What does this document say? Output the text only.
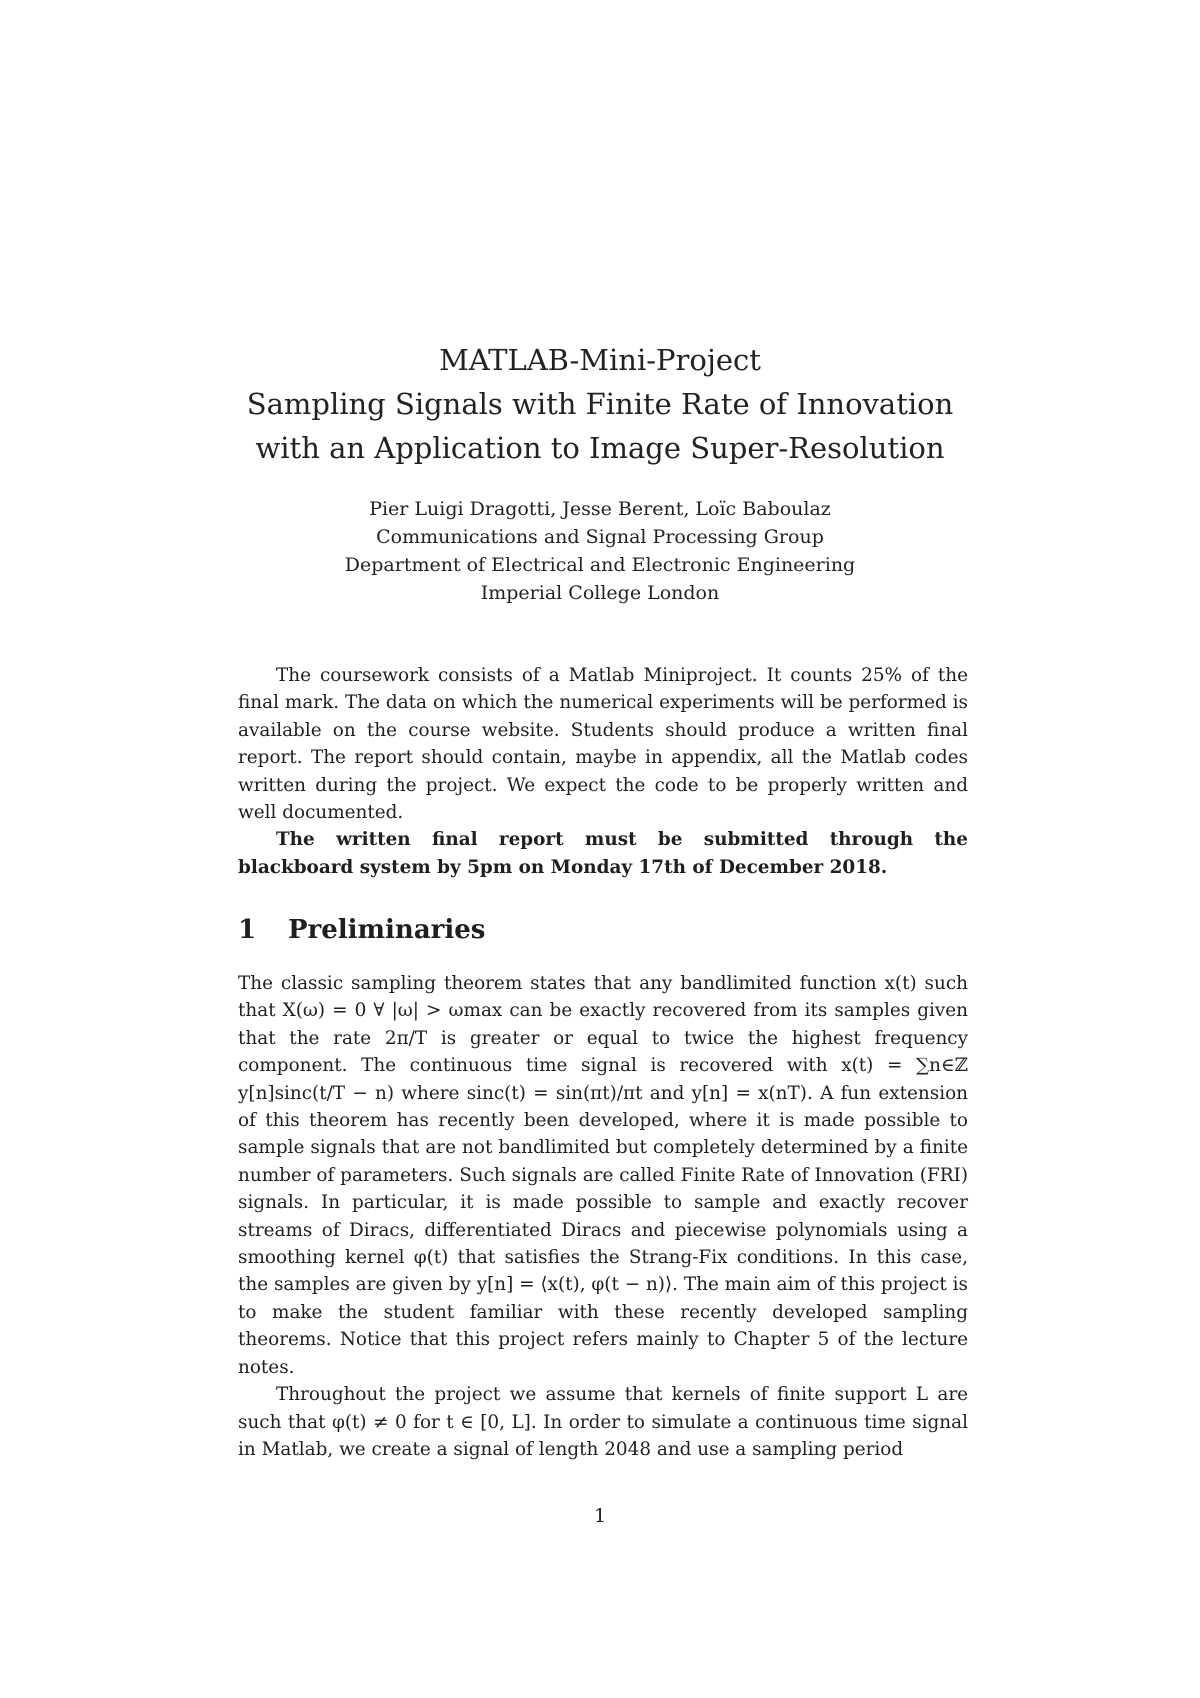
MATLAB-Mini-Project
Sampling Signals with Finite Rate of Innovation
with an Application to Image Super-Resolution
Pier Luigi Dragotti, Jesse Berent, Loïc Baboulaz
Communications and Signal Processing Group
Department of Electrical and Electronic Engineering
Imperial College London

The coursework consists of a Matlab Miniproject. It counts 25% of the final mark. The data on which the numerical experiments will be performed is available on the course website. Students should produce a written final report. The report should contain, maybe in appendix, all the Matlab codes written during the project. We expect the code to be properly written and well documented.

The written final report must be submitted through the blackboard system by 5pm on Monday 17th of December 2018.

1 Preliminaries

The classic sampling theorem states that any bandlimited function x(t) such that X(ω) = 0 ∀ |ω| > ωmax can be exactly recovered from its samples given that the rate 2π/T is greater or equal to twice the highest frequency component. The continuous time signal is recovered with x(t) = ∑n∈ℤ y[n]sinc(t/T − n) where sinc(t) = sin(πt)/πt and y[n] = x(nT). A fun extension of this theorem has recently been developed, where it is made possible to sample signals that are not bandlimited but completely determined by a finite number of parameters. Such signals are called Finite Rate of Innovation (FRI) signals. In particular, it is made possible to sample and exactly recover streams of Diracs, differentiated Diracs and piecewise polynomials using a smoothing kernel φ(t) that satisfies the Strang-Fix conditions. In this case, the samples are given by y[n] = ⟨x(t), φ(t − n)⟩. The main aim of this project is to make the student familiar with these recently developed sampling theorems. Notice that this project refers mainly to Chapter 5 of the lecture notes.

Throughout the project we assume that kernels of finite support L are such that φ(t) ≠ 0 for t ∈ [0, L]. In order to simulate a continuous time signal in Matlab, we create a signal of length 2048 and use a sampling period

1
